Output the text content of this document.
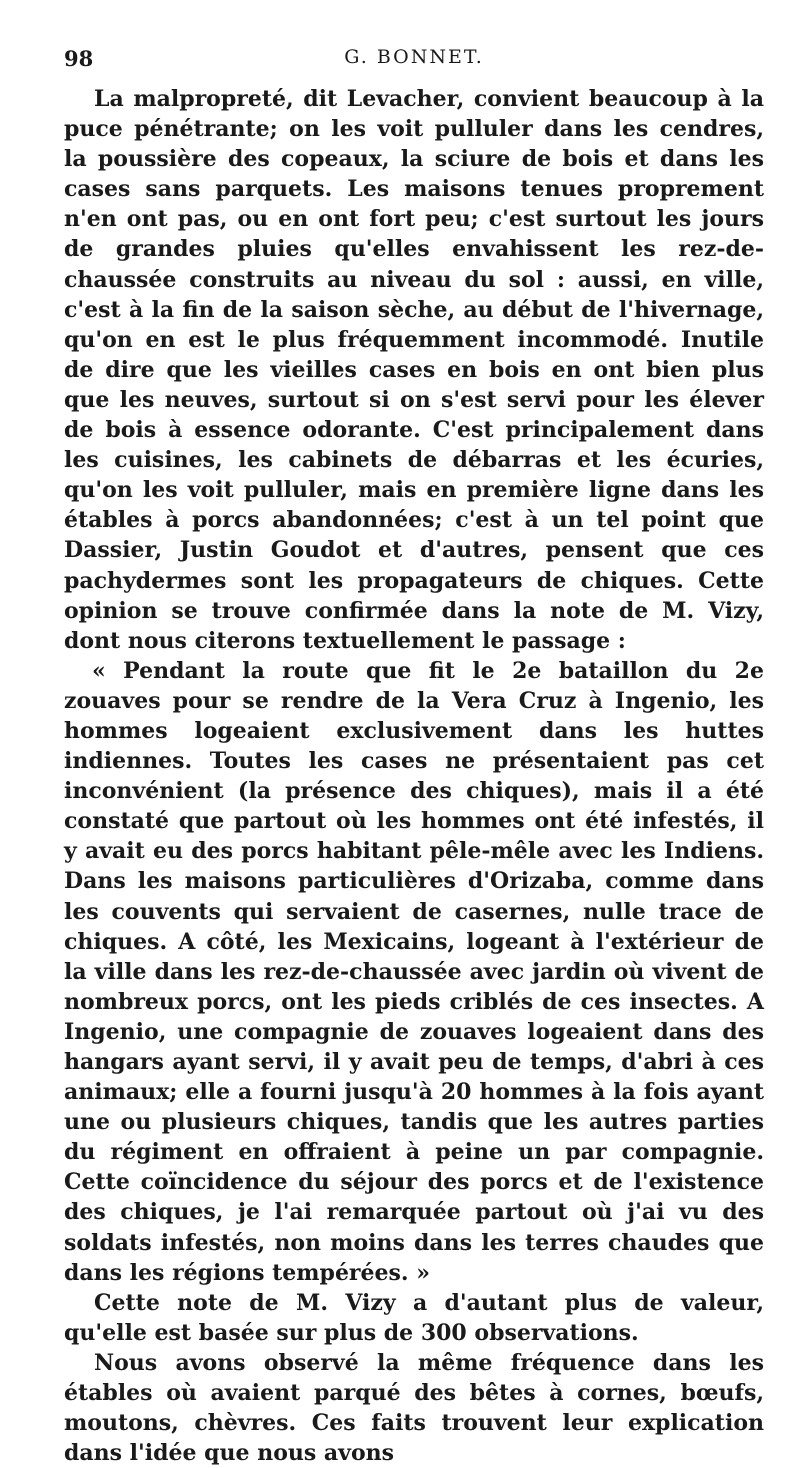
98	G. BONNET.

La malpropreté, dit Levacher, convient beaucoup à la puce pénétrante; on les voit pulluler dans les cendres, la poussière des copeaux, la sciure de bois et dans les cases sans parquets. Les maisons tenues proprement n'en ont pas, ou en ont fort peu; c'est surtout les jours de grandes pluies qu'elles envahissent les rez-de-chaussée construits au niveau du sol : aussi, en ville, c'est à la fin de la saison sèche, au début de l'hivernage, qu'on en est le plus fréquemment incommodé. Inutile de dire que les vieilles cases en bois en ont bien plus que les neuves, surtout si on s'est servi pour les élever de bois à essence odorante. C'est principalement dans les cuisines, les cabinets de débarras et les écuries, qu'on les voit pulluler, mais en première ligne dans les étables à porcs abandonnées; c'est à un tel point que Dassier, Justin Goudot et d'autres, pensent que ces pachydermes sont les propagateurs de chiques. Cette opinion se trouve confirmée dans la note de M. Vizy, dont nous citerons textuellement le passage :

« Pendant la route que fit le 2e bataillon du 2e zouaves pour se rendre de la Vera Cruz à Ingenio, les hommes logeaient exclusivement dans les huttes indiennes. Toutes les cases ne présentaient pas cet inconvénient (la présence des chiques), mais il a été constaté que partout où les hommes ont été infestés, il y avait eu des porcs habitant pêle-mêle avec les Indiens. Dans les maisons particulières d'Orizaba, comme dans les couvents qui servaient de casernes, nulle trace de chiques. A côté, les Mexicains, logeant à l'extérieur de la ville dans les rez-de-chaussée avec jardin où vivent de nombreux porcs, ont les pieds criblés de ces insectes. A Ingenio, une compagnie de zouaves logeaient dans des hangars ayant servi, il y avait peu de temps, d'abri à ces animaux; elle a fourni jusqu'à 20 hommes à la fois ayant une ou plusieurs chiques, tandis que les autres parties du régiment en offraient à peine un par compagnie. Cette coïncidence du séjour des porcs et de l'existence des chiques, je l'ai remarquée partout où j'ai vu des soldats infestés, non moins dans les terres chaudes que dans les régions tempérées. »

Cette note de M. Vizy a d'autant plus de valeur, qu'elle est basée sur plus de 300 observations.

Nous avons observé la même fréquence dans les étables où avaient parqué des bêtes à cornes, bœufs, moutons, chèvres. Ces faits trouvent leur explication dans l'idée que nous avons
